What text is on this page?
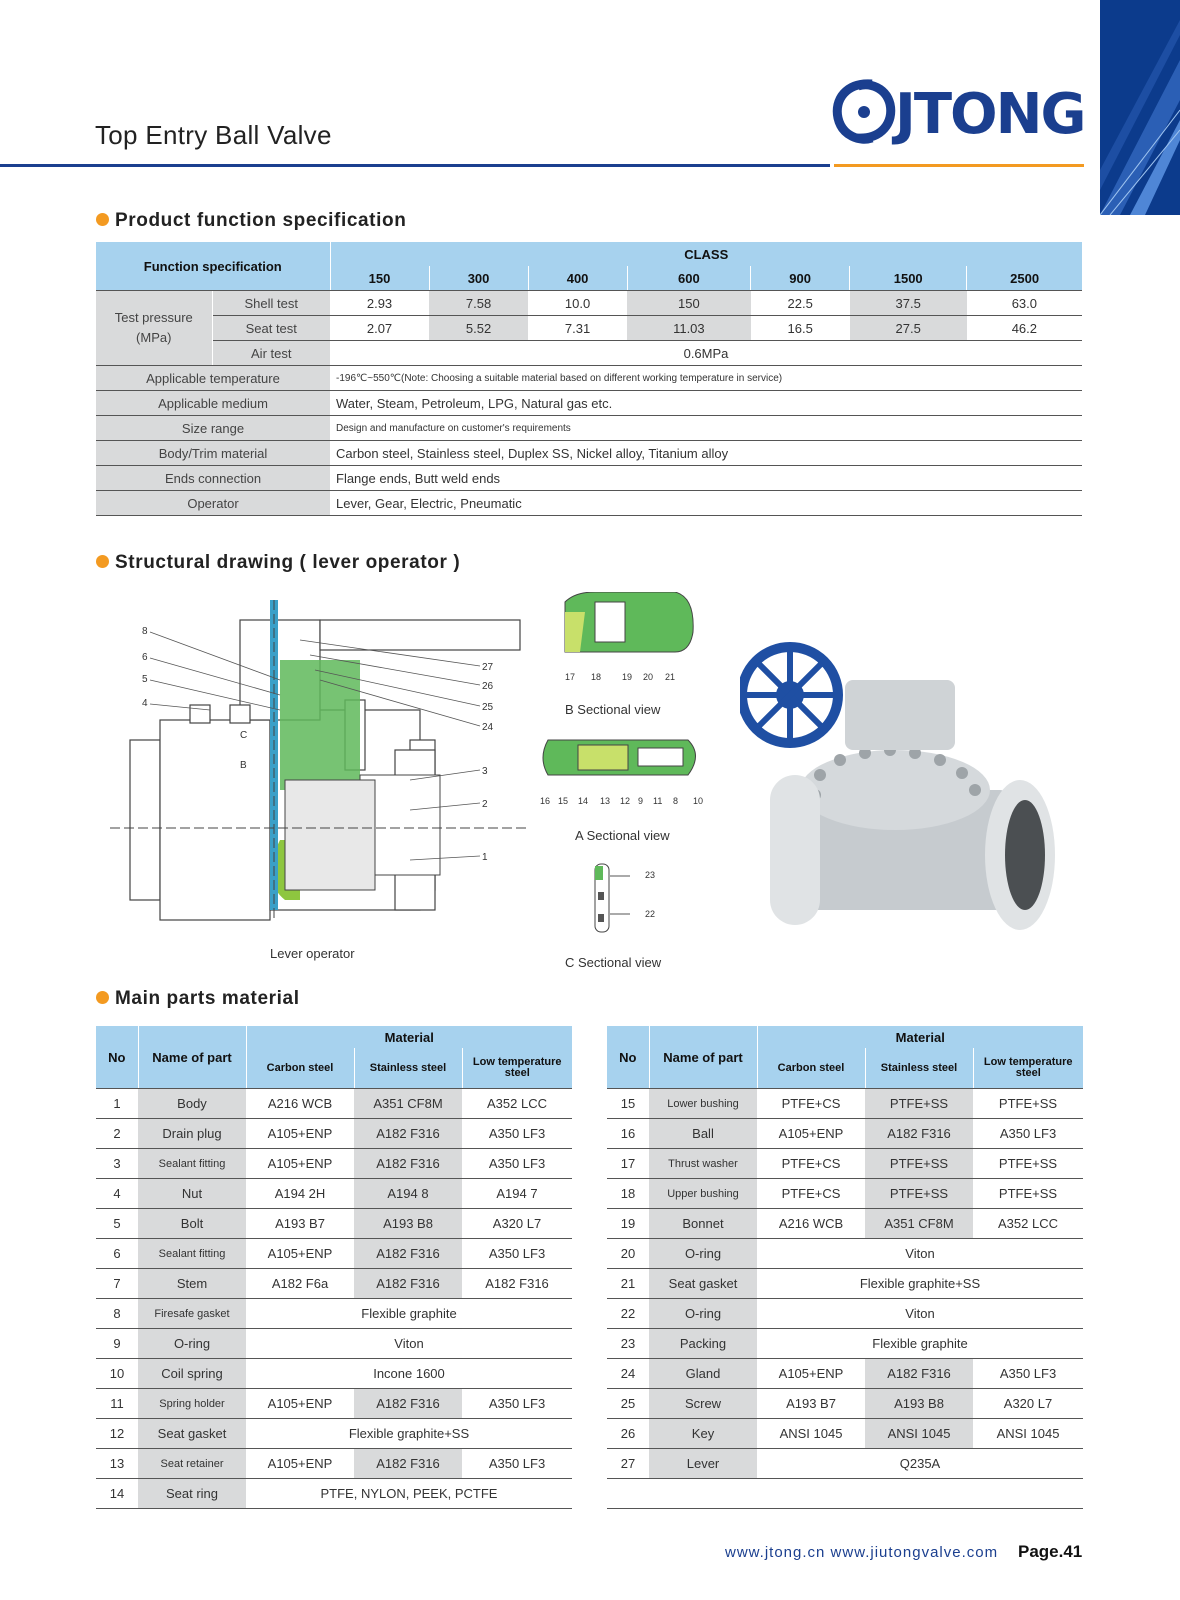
Top Entry Ball Valve	JTONG
Product function specification
Function specification		CLASS						
		150	300	400	600	900	1500	2500
Test pressure (MPa)	Shell test	2.93	7.58	10.0	150	22.5	37.5	63.0
	Seat test	2.07	5.52	7.31	11.03	16.5	27.5	46.2
	Air test	0.6MPa						
Applicable temperature		-196℃~550℃(Note: Choosing a suitable material based on different working temperature in service)						
Applicable medium		Water, Steam, Petroleum, LPG, Natural gas etc.						
Size range		Design and manufacture on customer's requirements						
Body/Trim material		Carbon steel, Stainless steel, Duplex SS, Nickel alloy, Titanium alloy						
Ends connection		Flange ends, Butt weld ends						
Operator		Lever, Gear, Electric, Pneumatic						
Structural drawing ( lever operator )
8
6
5
4
C
B
27
26
25
24
3
2
1
Lever operator
17 18 19 20 21
B Sectional view
16 15 14 13 12 9 11 8 10
A Sectional view
23
22
C Sectional view
Main parts material
No	Name of part	Material		
		Carbon steel	Stainless steel	Low temperature steel
1	Body	A216 WCB	A351 CF8M	A352 LCC
2	Drain plug	A105+ENP	A182 F316	A350 LF3
3	Sealant fitting	A105+ENP	A182 F316	A350 LF3
4	Nut	A194 2H	A194 8	A194 7
5	Bolt	A193 B7	A193 B8	A320 L7
6	Sealant fitting	A105+ENP	A182 F316	A350 LF3
7	Stem	A182 F6a	A182 F316	A182 F316
8	Firesafe gasket	Flexible graphite		
9	O-ring	Viton		
10	Coil spring	Incone 1600		
11	Spring holder	A105+ENP	A182 F316	A350 LF3
12	Seat gasket	Flexible graphite+SS		
13	Seat retainer	A105+ENP	A182 F316	A350 LF3
14	Seat ring	PTFE, NYLON, PEEK, PCTFE		
No	Name of part	Material		
		Carbon steel	Stainless steel	Low temperature steel
15	Lower bushing	PTFE+CS	PTFE+SS	PTFE+SS
16	Ball	A105+ENP	A182 F316	A350 LF3
17	Thrust washer	PTFE+CS	PTFE+SS	PTFE+SS
18	Upper bushing	PTFE+CS	PTFE+SS	PTFE+SS
19	Bonnet	A216 WCB	A351 CF8M	A352 LCC
20	O-ring	Viton		
21	Seat gasket	Flexible graphite+SS		
22	O-ring	Viton		
23	Packing	Flexible graphite		
24	Gland	A105+ENP	A182 F316	A350 LF3
25	Screw	A193 B7	A193 B8	A320 L7
26	Key	ANSI 1045	ANSI 1045	ANSI 1045
27	Lever	Q235A		

www.jtong.cn www.jiutongvalve.com Page.41
